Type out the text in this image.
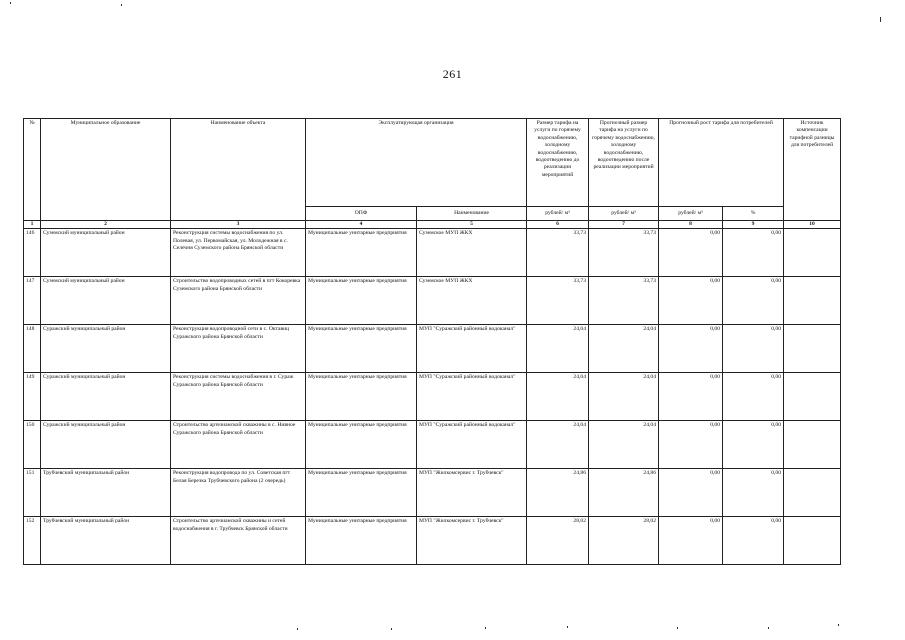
261
№	Муниципальное образование	Наименование объекта	Эксплуатирующая организация		Размер тарифа на услуги по горячему водоснабжению, холодному водоснабжению, водоотведению до реализации мероприятий	Прогнозный размер тарифа на услуги по горячему водоснабжению, холодному водоснабжению, водоотведению после реализации мероприятий	Прогнозный рост тарифа для потребителей		Источник компенсации тарифной разницы для потребителей
			ОПФ	Наименование	рублей/ м³	рублей/ м³	рублей/ м³	%	
1	2	3	4	5	6	7	8	9	10
146	Суземский муниципальный район	Реконструкция системы водоснабжения по ул. Полевая, ул. Первомайская, ул. Молодежная в с. Селечня Суземского района Брянской области	Муниципальные унитарные предприятия	Суземское МУП ЖКХ	33,73	33,73	0,00	0,00	
147	Суземский муниципальный район	Строительство водопроводных сетей в пгт Кокоревка Суземского района Брянской области	Муниципальные унитарные предприятия	Суземское МУП ЖКХ	33,73	33,73	0,00	0,00	
148	Суражский муниципальный район	Реконструкция водопроводной сети в с. Октавиц Суражского района Брянской области	Муниципальные унитарные предприятия	МУП "Суражский районный водоканал"	24,04	24,04	0,00	0,00	
149	Суражский муниципальный район	Реконструкция системы водоснабжения в г. Сураж Суражского района Брянской области	Муниципальные унитарные предприятия	МУП "Суражский районный водоканал"	24,04	24,04	0,00	0,00	
150	Суражский муниципальный район	Строительство артезианской скважины в с. Нивное Суражского района Брянской области	Муниципальные унитарные предприятия	МУП "Суражский районный водоканал"	24,04	24,04	0,00	0,00	
151	Трубчевский муниципальный район	Реконструкция водопровода по ул. Советская пгт Белая Березка Трубчевского района (2 очередь)	Муниципальные унитарные предприятия	МУП "Жилкомсервис г. Трубчевск"	24,86	24,86	0,00	0,00	
152	Трубчевский муниципальный район	Строительство артезианской скважины и сетей водоснабжения в г. Трубчевск Брянской области	Муниципальные унитарные предприятия	МУП "Жилкомсервис г. Трубчевск"	28,02	28,02	0,00	0,00	
